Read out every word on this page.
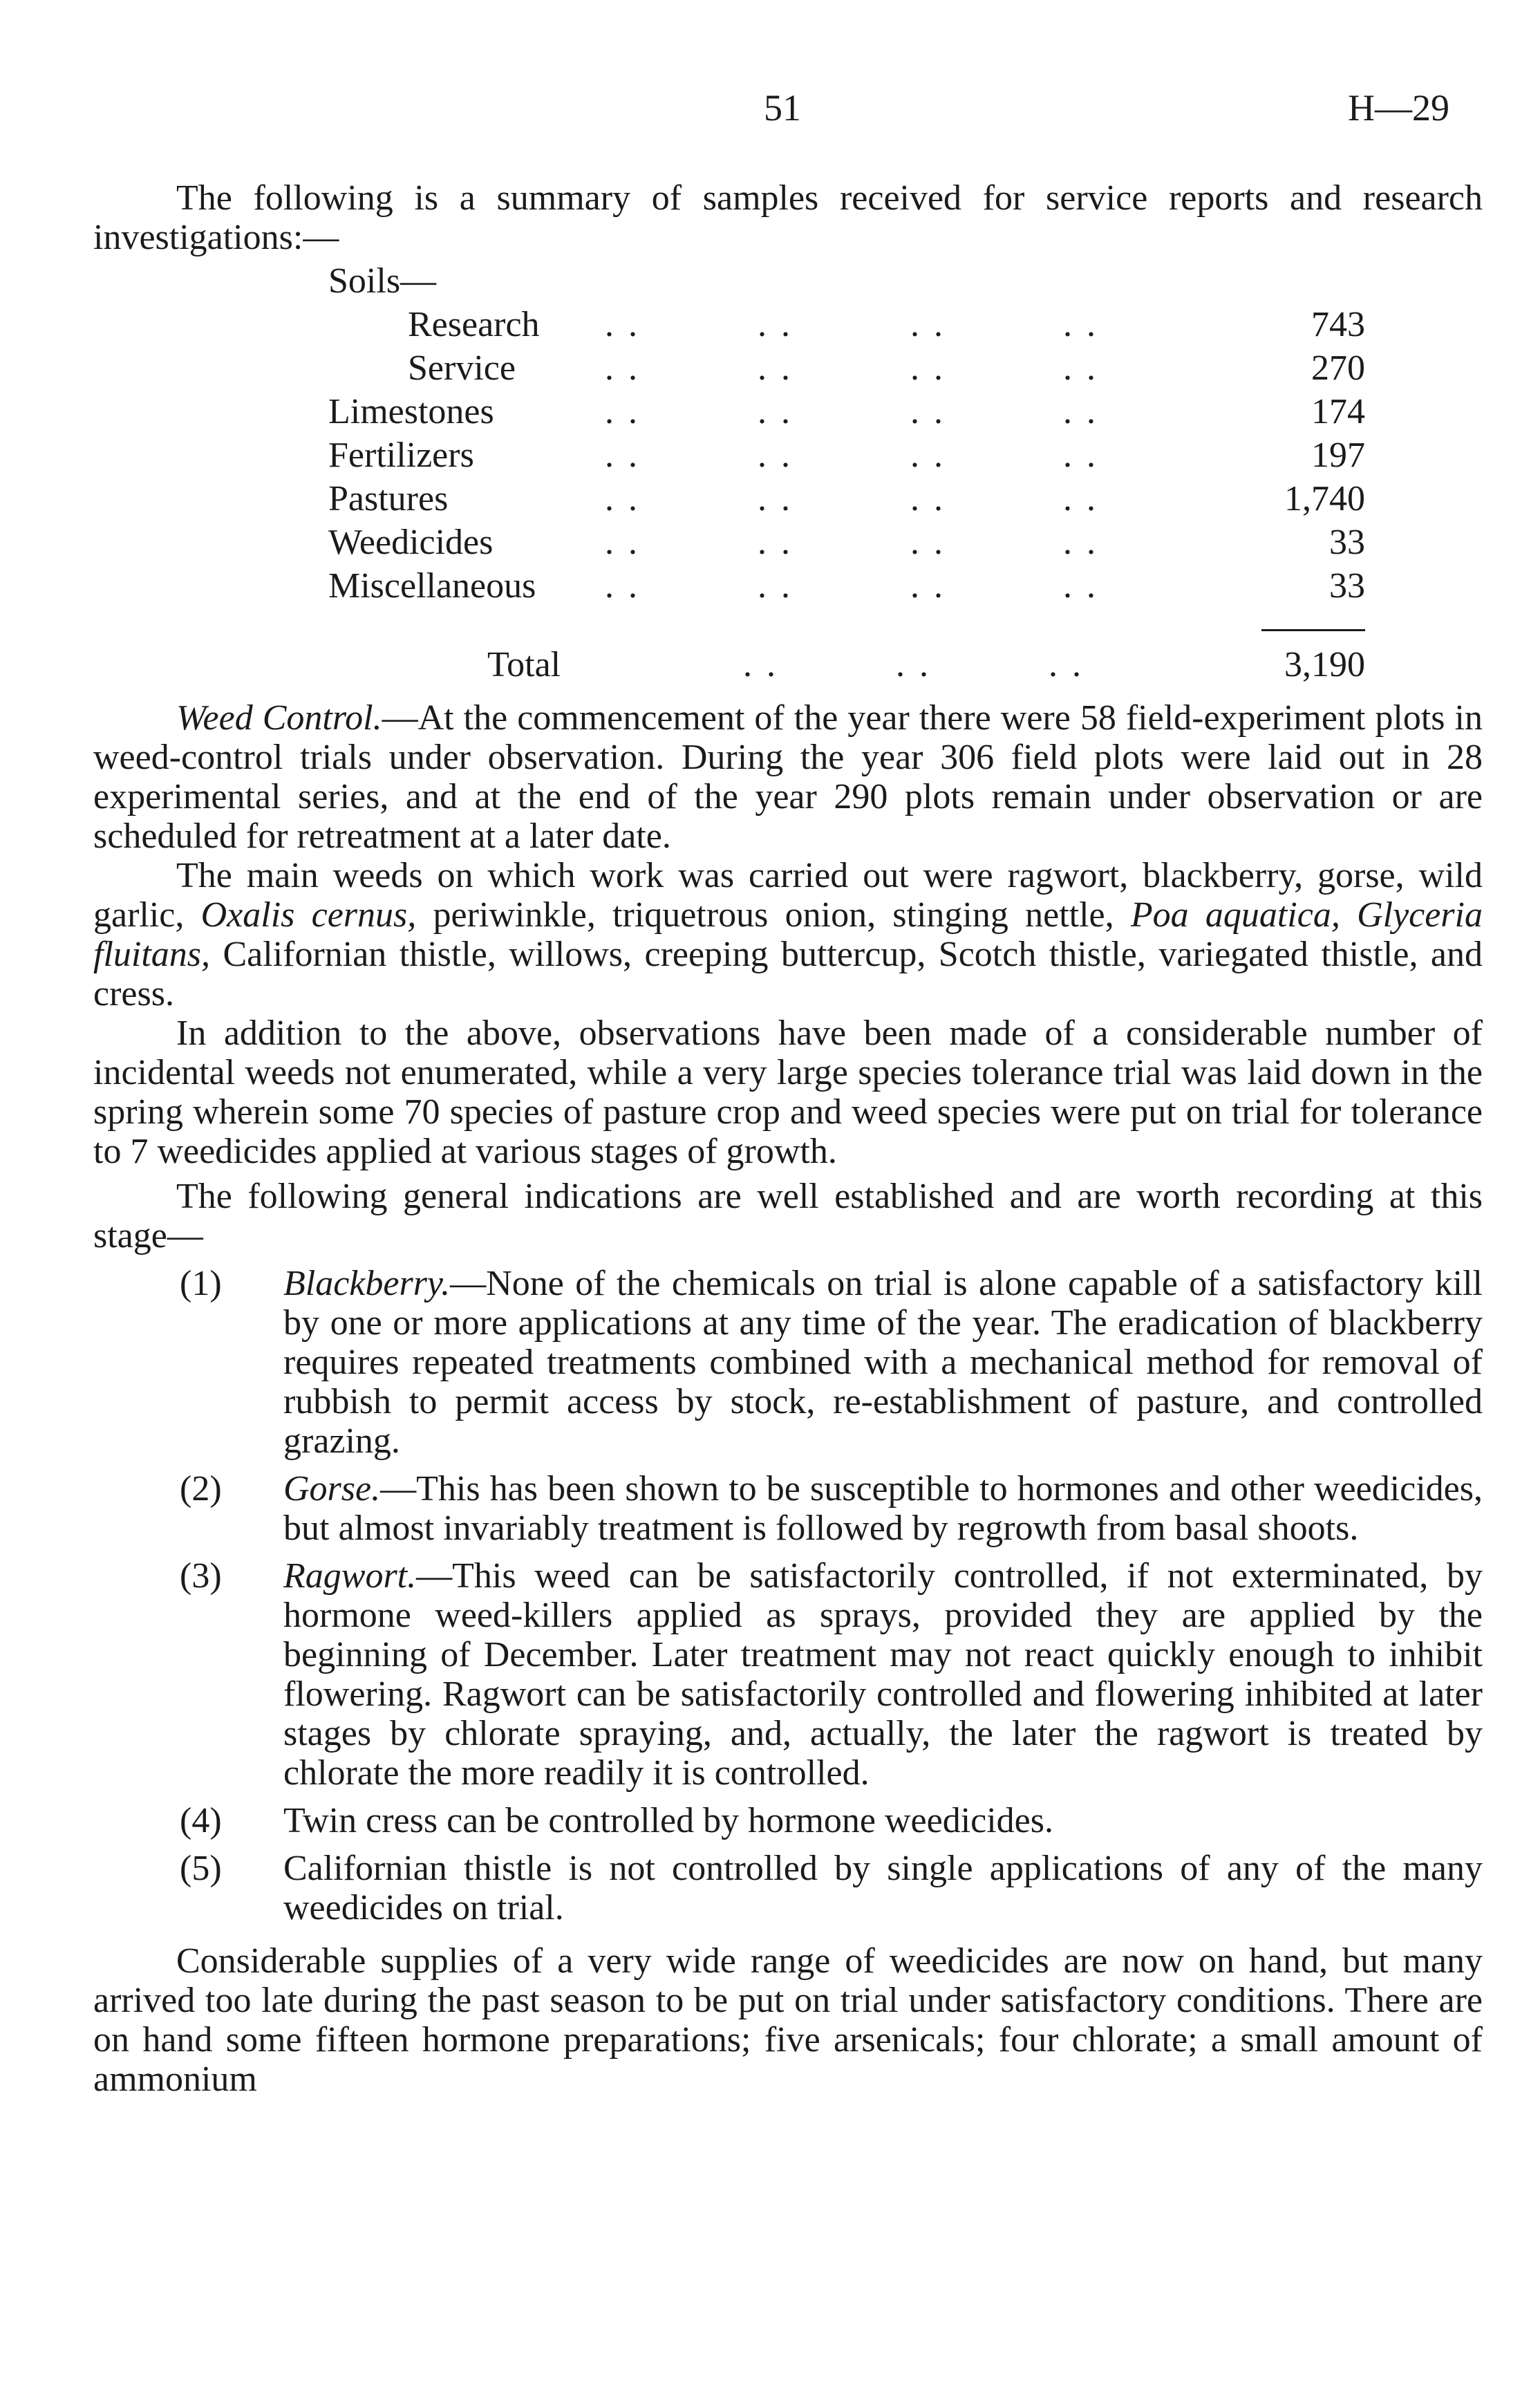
51	H—29

The following is a summary of samples received for service reports and research investigations:—

Soils—
Research . .          . .          . .          . .	743
Service . .          . .          . .          . .	270
Limestones	. .          . .          . .          . .	174
Fertilizers	. .          . .          . .          . .	197
Pastures	. .          . .          . .          . .	1,740
Weedicides	. .          . .          . .          . .	33
Miscellaneous . .          . .          . .          . .	33
Total	. .          . .          . .	3,190

Weed Control.—At the commencement of the year there were 58 field-experiment plots in weed-control trials under observation. During the year 306 field plots were laid out in 28 experimental series, and at the end of the year 290 plots remain under observation or are scheduled for retreatment at a later date.

The main weeds on which work was carried out were ragwort, blackberry, gorse, wild garlic, Oxalis cernus, periwinkle, triquetrous onion, stinging nettle, Poa aquatica, Glyceria fluitans, Californian thistle, willows, creeping buttercup, Scotch thistle, variegated thistle, and cress.

In addition to the above, observations have been made of a considerable number of incidental weeds not enumerated, while a very large species tolerance trial was laid down in the spring wherein some 70 species of pasture crop and weed species were put on trial for tolerance to 7 weedicides applied at various stages of growth.

The following general indications are well established and are worth recording at this stage—

(1) Blackberry.—None of the chemicals on trial is alone capable of a satisfactory kill by one or more applications at any time of the year. The eradication of blackberry requires repeated treatments combined with a mechanical method for removal of rubbish to permit access by stock, re-establishment of pasture, and controlled grazing.

(2) Gorse.—This has been shown to be susceptible to hormones and other weedicides, but almost invariably treatment is followed by regrowth from basal shoots.

(3) Ragwort.—This weed can be satisfactorily controlled, if not exterminated, by hormone weed-killers applied as sprays, provided they are applied by the beginning of December. Later treatment may not react quickly enough to inhibit flowering. Ragwort can be satisfactorily controlled and flowering inhibited at later stages by chlorate spraying, and, actually, the later the ragwort is treated by chlorate the more readily it is controlled.

(4) Twin cress can be controlled by hormone weedicides.

(5) Californian thistle is not controlled by single applications of any of the many weedicides on trial.

Considerable supplies of a very wide range of weedicides are now on hand, but many arrived too late during the past season to be put on trial under satisfactory conditions. There are on hand some fifteen hormone preparations; five arsenicals; four chlorate; a small amount of ammonium
